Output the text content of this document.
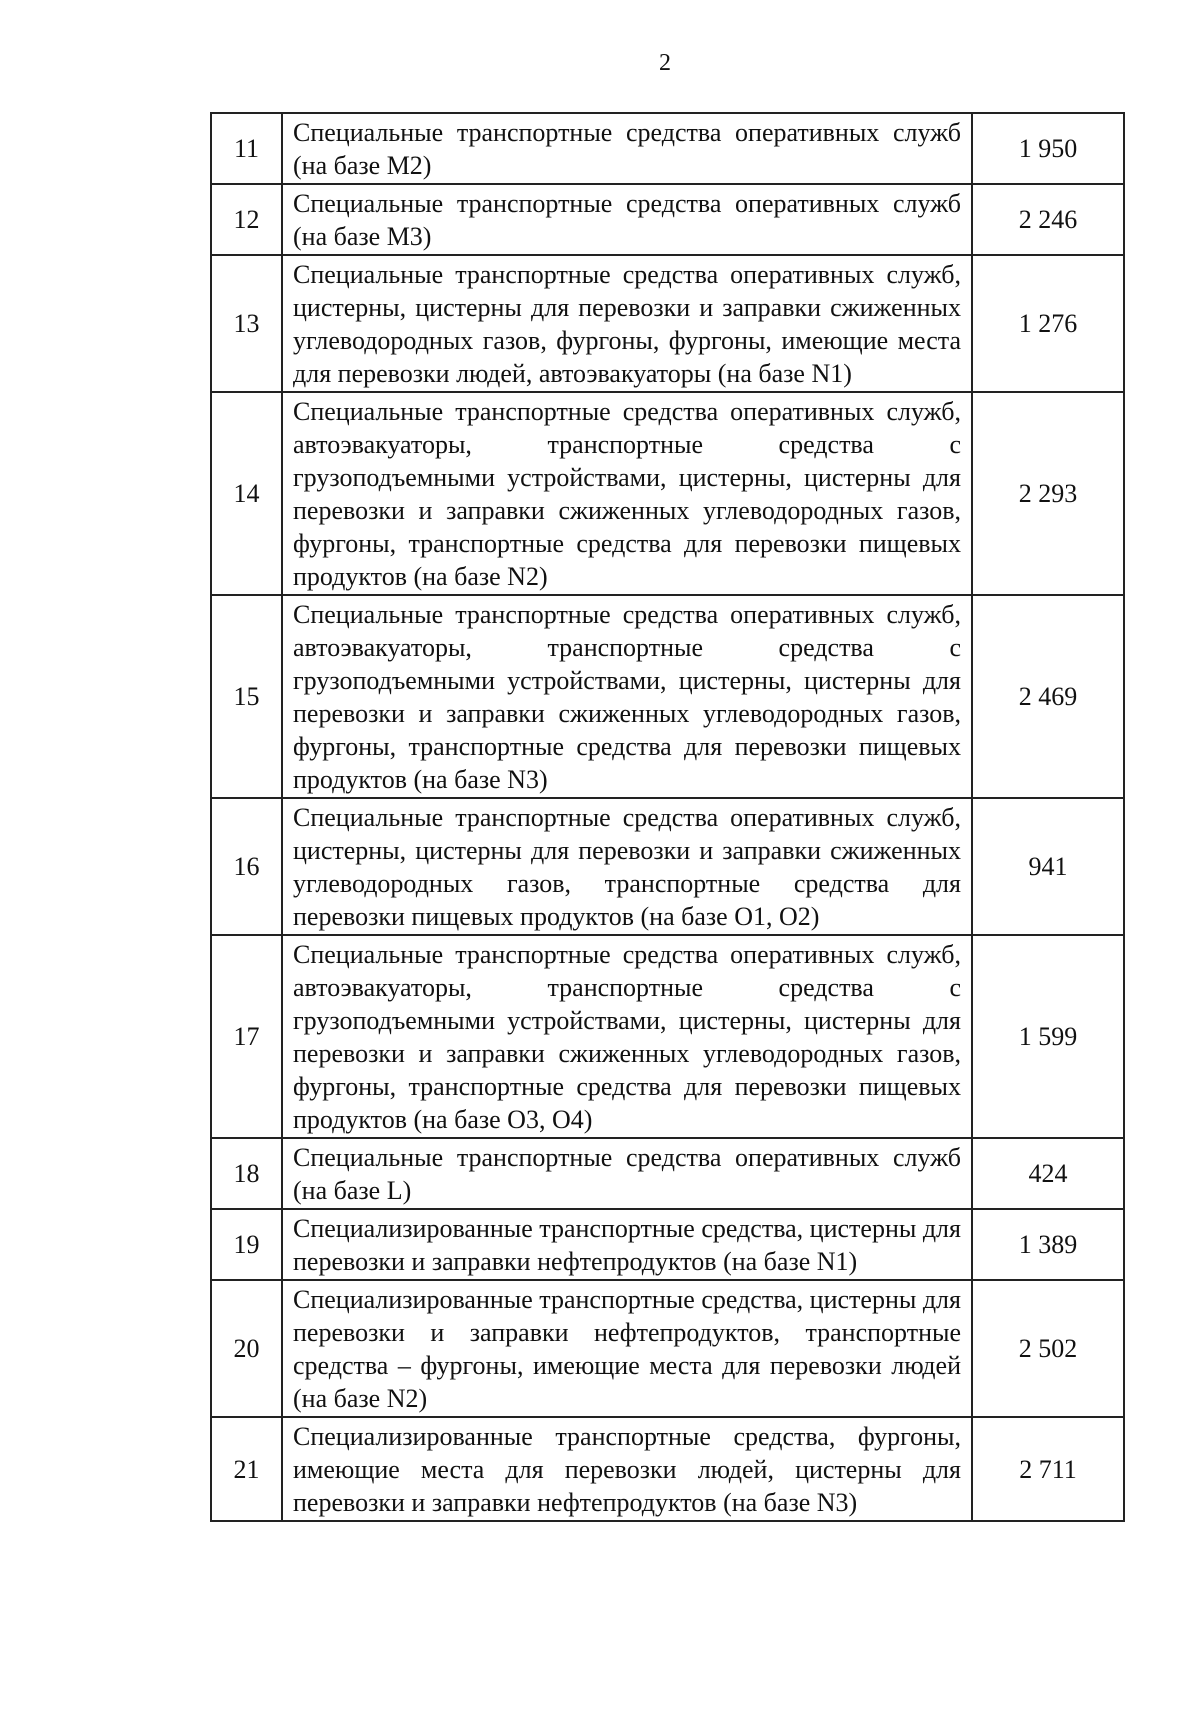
2
11	Специальные транспортные средства оперативных служб (на базе M2)	1 950
12	Специальные транспортные средства оперативных служб (на базе M3)	2 246
13	Специальные транспортные средства оперативных служб, цистерны, цистерны для перевозки и заправки сжиженных углеводородных газов, фургоны, фургоны, имеющие места для перевозки людей, автоэвакуаторы (на базе N1)	1 276
14	Специальные транспортные средства оперативных служб, автоэвакуаторы, транспортные средства с грузоподъемными устройствами, цистерны, цистерны для перевозки и заправки сжиженных углеводородных газов, фургоны, транспортные средства для перевозки пищевых продуктов (на базе N2)	2 293
15	Специальные транспортные средства оперативных служб, автоэвакуаторы, транспортные средства с грузоподъемными устройствами, цистерны, цистерны для перевозки и заправки сжиженных углеводородных газов, фургоны, транспортные средства для перевозки пищевых продуктов (на базе N3)	2 469
16	Специальные транспортные средства оперативных служб, цистерны, цистерны для перевозки и заправки сжиженных углеводородных газов, транспортные средства для перевозки пищевых продуктов (на базе O1, O2)	941
17	Специальные транспортные средства оперативных служб, автоэвакуаторы, транспортные средства с грузоподъемными устройствами, цистерны, цистерны для перевозки и заправки сжиженных углеводородных газов, фургоны, транспортные средства для перевозки пищевых продуктов (на базе O3, O4)	1 599
18	Специальные транспортные средства оперативных служб (на базе L)	424
19	Специализированные транспортные средства, цистерны для перевозки и заправки нефтепродуктов (на базе N1)	1 389
20	Специализированные транспортные средства, цистерны для перевозки и заправки нефтепродуктов, транспортные средства – фургоны, имеющие места для перевозки людей (на базе N2)	2 502
21	Специализированные транспортные средства, фургоны, имеющие места для перевозки людей, цистерны для перевозки и заправки нефтепродуктов (на базе N3)	2 711
